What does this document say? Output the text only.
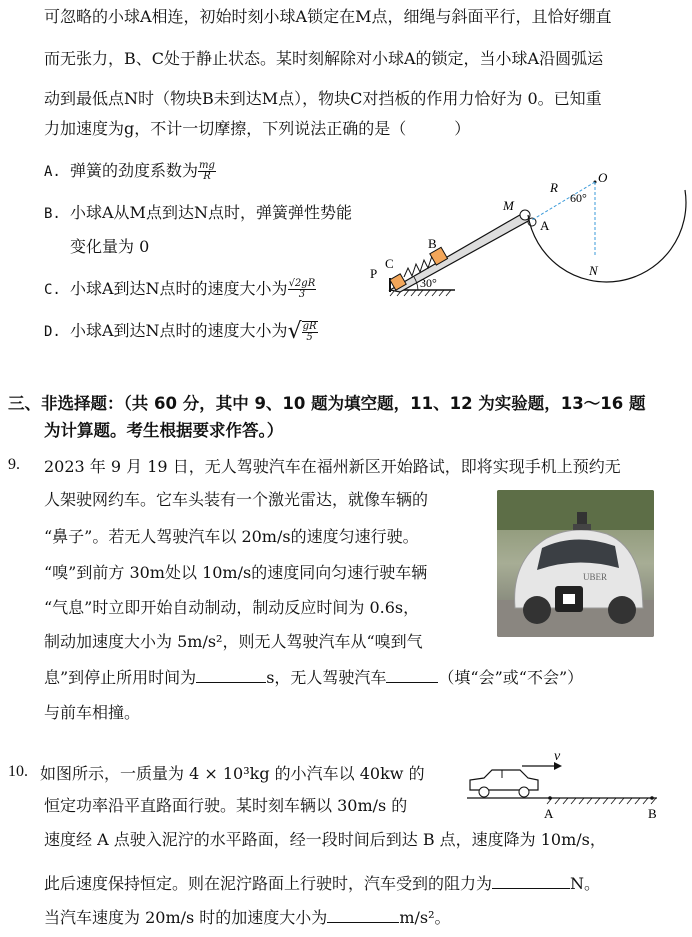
可忽略的小球A相连，初始时刻小球A锁定在M点，细绳与斜面平行，且恰好绷直
而无张力，B、C处于静止状态。某时刻解除对小球A的锁定，当小球A沿圆弧运
动到最低点N时（物块B未到达M点），物块C对挡板的作用力恰好为 0。已知重
力加速度为g，不计一切摩擦，下列说法正确的是（　　　）
A. 弹簧的劲度系数为 $\frac{mg}{R}$
B. 小球A从M点到达N点时，弹簧弹性势能
变化量为 0
C. 小球A到达N点时的速度大小为 $\frac{√2gR}{3}$
D. 小球A到达N点时的速度大小为√ $\frac{gR}{5}$
P
C
B
30°
M
A
O
R
60°
N
三、非选择题：（共 60 分，其中 9、10 题为填空题，11、12 为实验题，13～16 题
为计算题。考生根据要求作答。）
9. 2023 年 9 月 19 日，无人驾驶汽车在福州新区开始路试，即将实现手机上预约无
人架驶网约车。它车头装有一个激光雷达，就像车辆的
“鼻子”。若无人驾驶汽车以 20m/s的速度匀速行驶。
“嗅”到前方 30m处以 10m/s的速度同向匀速行驶车辆
“气息”时立即开始自动制动，制动反应时间为 0.6s，
制动加速度大小为 5m/s²，则无人驾驶汽车从“嗅到气
息”到停止所用时间为	s，无人驾驶汽车	（填“会”或“不会”）
与前车相撞。
UBER
10. 如图所示，一质量为 4 × 10³kg 的小汽车以 40kw 的
恒定功率沿平直路面行驶。某时刻车辆以 30m/s 的
速度经 A 点驶入泥泞的水平路面，经一段时间后到达 B 点，速度降为 10m/s，
此后速度保持恒定。则在泥泞路面上行驶时，汽车受到的阻力为	N。
当汽车速度为 20m/s 时的加速度大小为	m/s²。
v
A	B
